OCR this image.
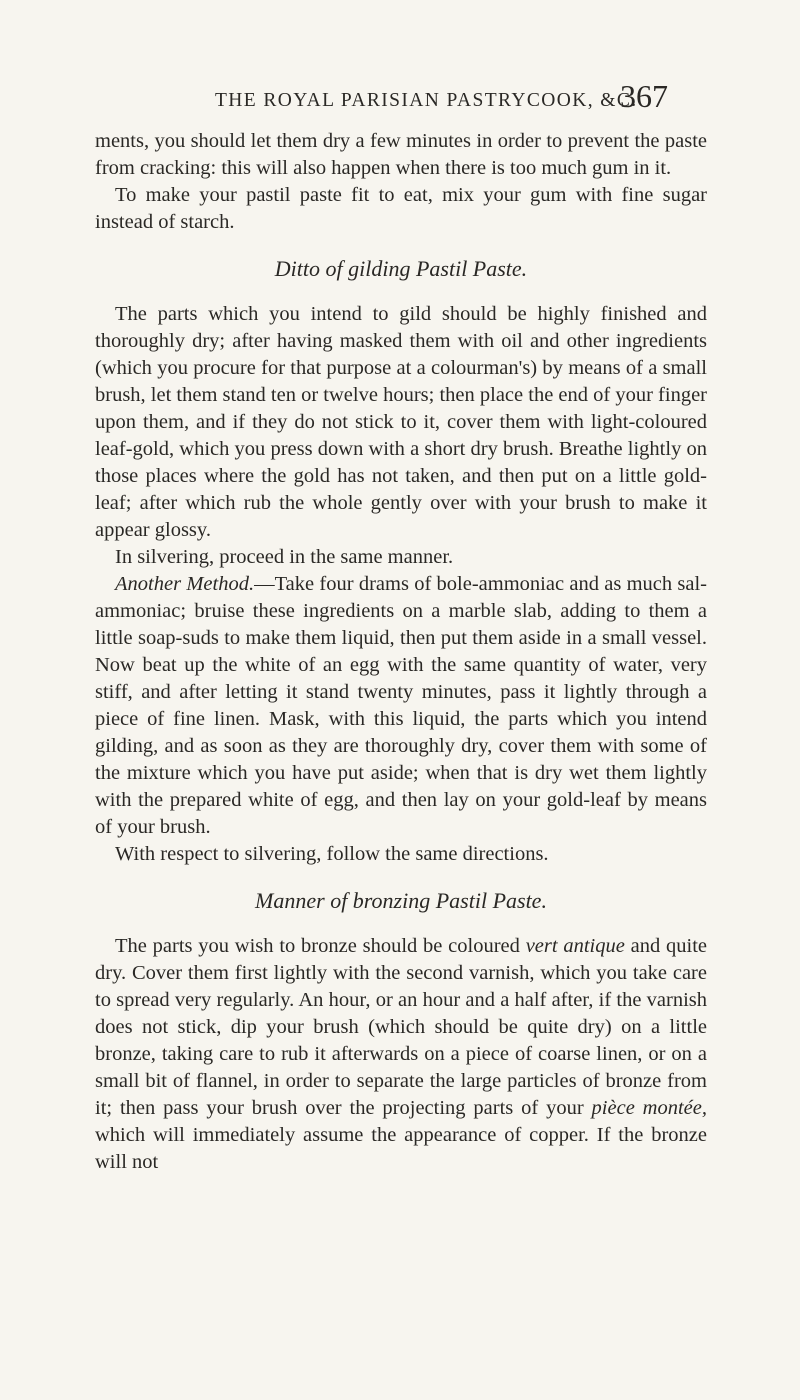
THE ROYAL PARISIAN PASTRYCOOK, &C.
367

ments, you should let them dry a few minutes in order to prevent the paste from cracking: this will also happen when there is too much gum in it.

To make your pastil paste fit to eat, mix your gum with fine sugar instead of starch.

Ditto of gilding Pastil Paste.

The parts which you intend to gild should be highly finished and thoroughly dry; after having masked them with oil and other ingredients (which you procure for that purpose at a colourman's) by means of a small brush, let them stand ten or twelve hours; then place the end of your finger upon them, and if they do not stick to it, cover them with light-coloured leaf-gold, which you press down with a short dry brush. Breathe lightly on those places where the gold has not taken, and then put on a little gold-leaf; after which rub the whole gently over with your brush to make it appear glossy.

In silvering, proceed in the same manner.

Another Method.—Take four drams of bole-ammoniac and as much sal-ammoniac; bruise these ingredients on a marble slab, adding to them a little soap-suds to make them liquid, then put them aside in a small vessel. Now beat up the white of an egg with the same quantity of water, very stiff, and after letting it stand twenty minutes, pass it lightly through a piece of fine linen. Mask, with this liquid, the parts which you intend gilding, and as soon as they are thoroughly dry, cover them with some of the mixture which you have put aside; when that is dry wet them lightly with the prepared white of egg, and then lay on your gold-leaf by means of your brush.

With respect to silvering, follow the same directions.

Manner of bronzing Pastil Paste.

The parts you wish to bronze should be coloured vert antique and quite dry. Cover them first lightly with the second varnish, which you take care to spread very regularly. An hour, or an hour and a half after, if the varnish does not stick, dip your brush (which should be quite dry) on a little bronze, taking care to rub it afterwards on a piece of coarse linen, or on a small bit of flannel, in order to separate the large particles of bronze from it; then pass your brush over the projecting parts of your pièce montée, which will immediately assume the appearance of copper. If the bronze will not
